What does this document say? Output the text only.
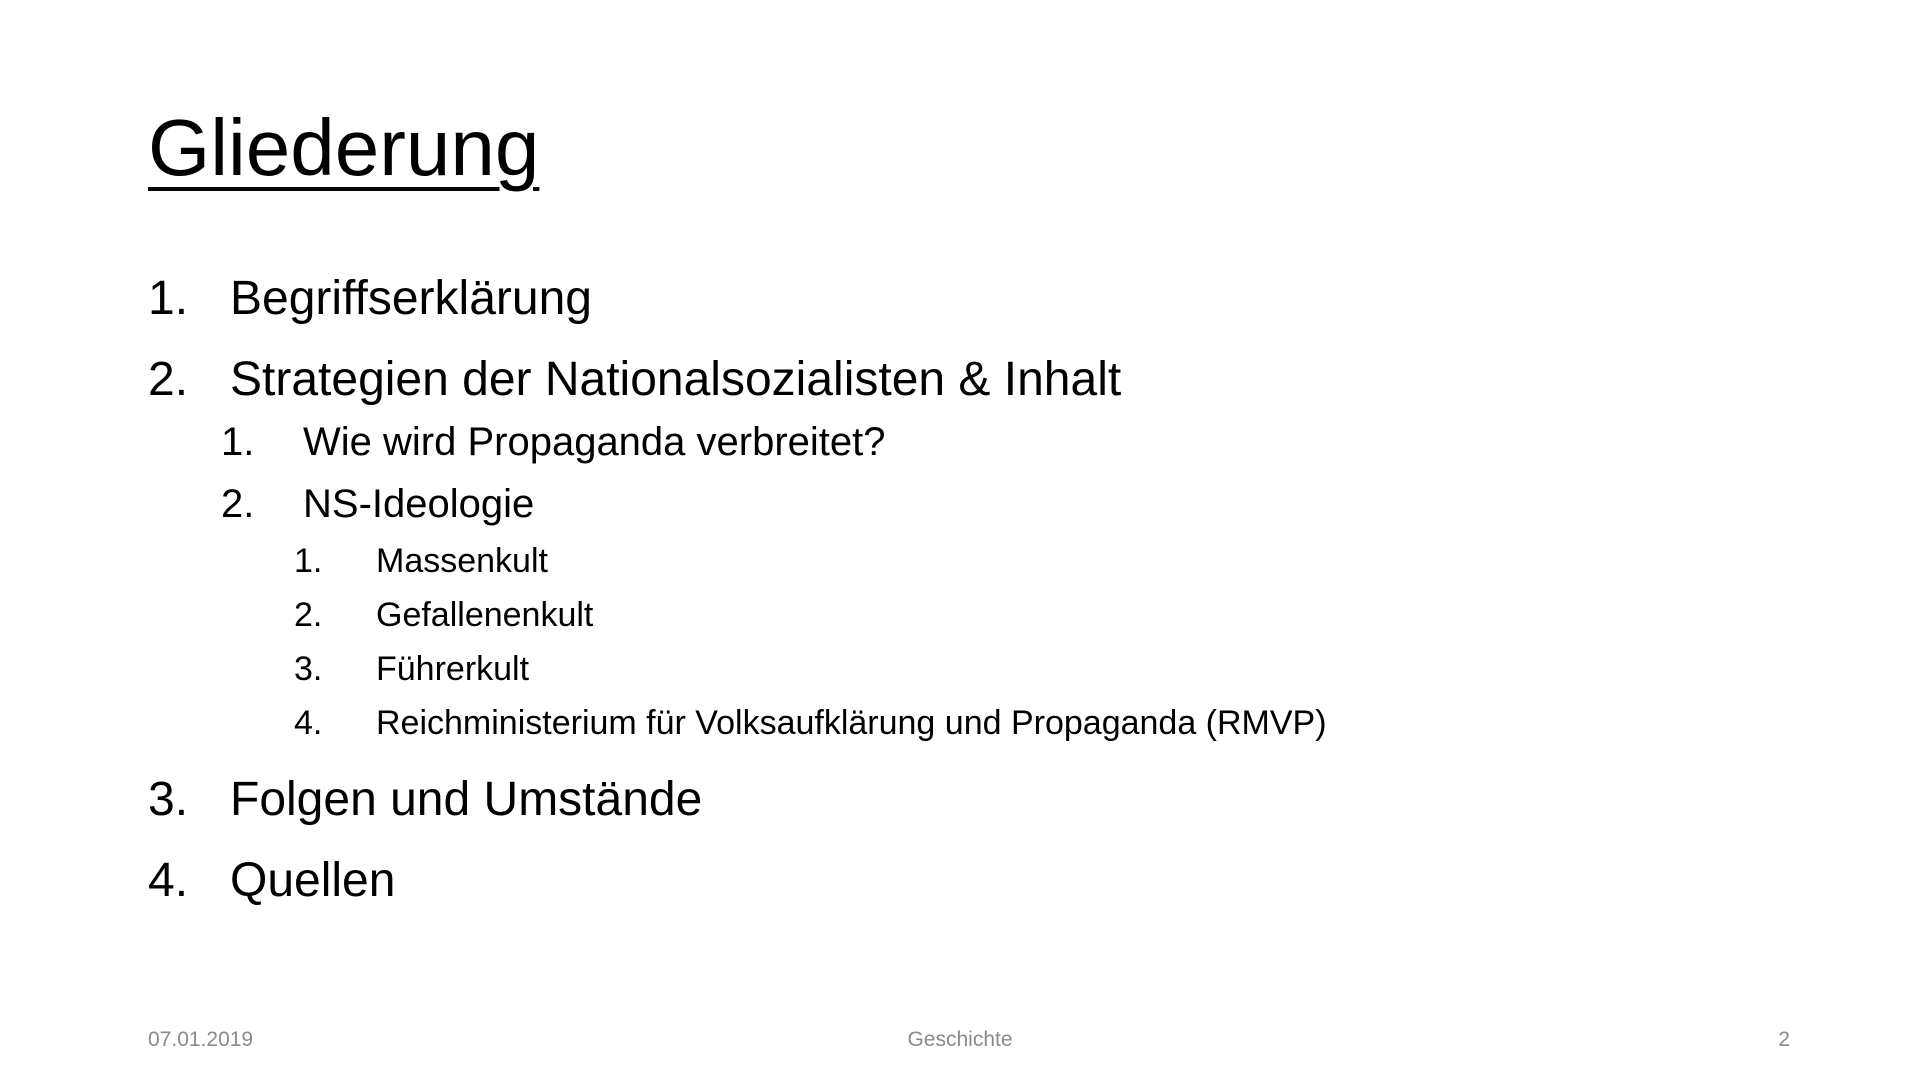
Gliederung
1. Begriffserklärung
2. Strategien der Nationalsozialisten & Inhalt
1.	Wie wird Propaganda verbreitet?
2.	NS-Ideologie
1.	Massenkult
2.	Gefallenenkult
3.	Führerkult
4.	Reichministerium für Volksaufklärung und Propaganda (RMVP)
3. Folgen und Umstände
4. Quellen
07.01.2019	Geschichte	2
